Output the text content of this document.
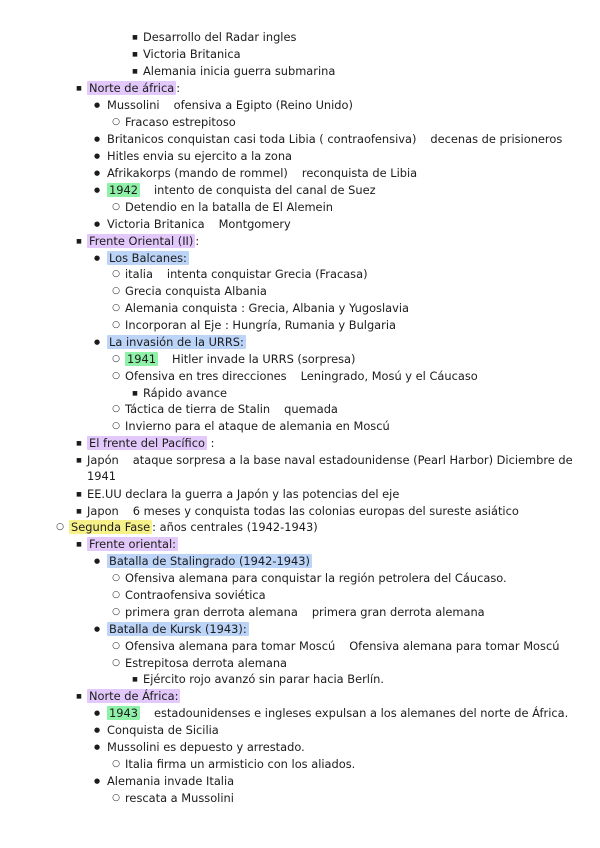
■
Desarrollo del Radar ingles
■
Victoria Britanica
■
Alemania inicia guerra submarina
■
Norte de áfrica :
●
Mussolini ofensiva a Egipto (Reino Unido)
○
Fracaso estrepitoso
●
Britanicos conquistan casi toda Libia ( contraofensiva) decenas de prisioneros
●
Hitles envia su ejercito a la zona
●
Afrikakorps (mando de rommel) reconquista de Libia
●
1942 intento de conquista del canal de Suez
○
Detendio en la batalla de El Alemein
●
Victoria Britanica Montgomery
■
Frente Oriental (II) :
●
Los Balcanes:
○
italia intenta conquistar Grecia (Fracasa)
○
Grecia conquista Albania
○
Alemania conquista : Grecia, Albania y Yugoslavia
○
Incorporan al Eje : Hungría, Rumania y Bulgaria
●
La invasión de la URRS:
○
1941 Hitler invade la URRS (sorpresa)
○
Ofensiva en tres direcciones Leningrado, Mosú y el Cáucaso
■
Rápido avance
○
Táctica de tierra de Stalin quemada
○
Invierno para el ataque de alemania en Moscú
■
El frente del Pacífico :
■
Japón ataque sorpresa a la base naval estadounidense (Pearl Harbor) Diciembre de 1941
■
EE.UU declara la guerra a Japón y las potencias del eje
■
Japon 6 meses y conquista todas las colonias europas del sureste asiático
○
Segunda Fase : años centrales (1942-1943)
■
Frente oriental:
●
Batalla de Stalingrado (1942-1943)
○
Ofensiva alemana para conquistar la región petrolera del Cáucaso.
○
Contraofensiva soviética
○
primera gran derrota alemana primera gran derrota alemana
●
Batalla de Kursk (1943):
○
Ofensiva alemana para tomar Moscú Ofensiva alemana para tomar Moscú
○
Estrepitosa derrota alemana
■
Ejército rojo avanzó sin parar hacia Berlín.
■
Norte de África:
●
1943 estadounidenses e ingleses expulsan a los alemanes del norte de África.
●
Conquista de Sicilia
●
Mussolini es depuesto y arrestado.
○
Italia firma un armisticio con los aliados.
●
Alemania invade Italia
○
rescata a Mussolini
